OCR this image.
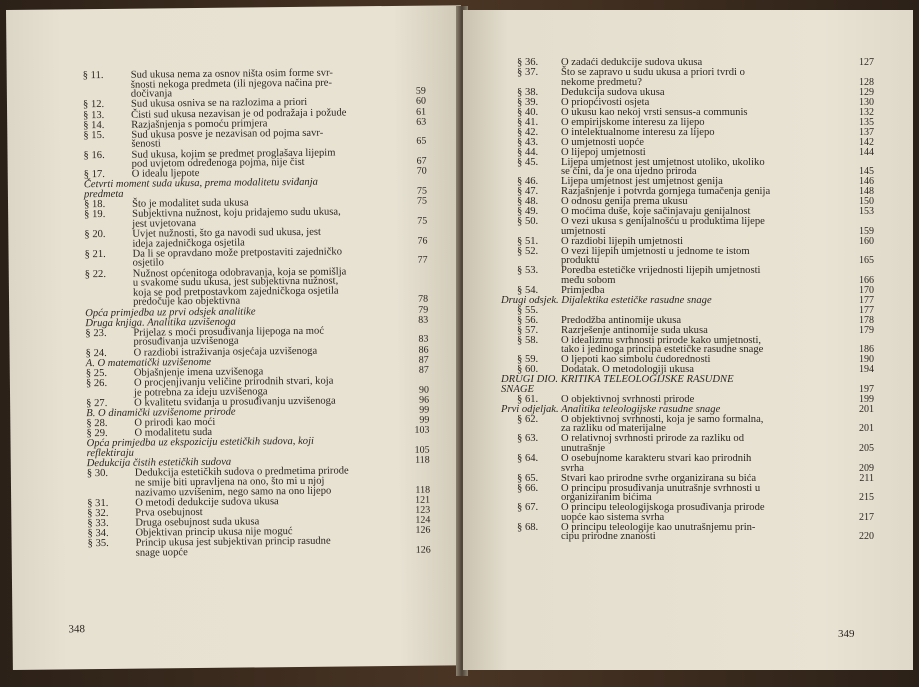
§ 11.	Sud ukusa nema za osnov ništa osim forme svr-
šnosti nekoga predmeta (ili njegova načina pre-
dočivanja	59
§ 12.	Sud ukusa osniva se na razlozima a priori	60
§ 13.	Čisti sud ukusa nezavisan je od podražaja i požude	61
§ 14.	Razjašnjenja s pomoću primjera	63
§ 15.	Sud ukusa posve je nezavisan od pojma savr-
šenosti	65
§ 16.	Sud ukusa, kojim se predmet proglašava lijepim
pod uvjetom određenoga pojma, nije čist	67
§ 17.	O idealu ljepote	70
Četvrti moment suda ukusa, prema modalitetu sviđanja
predmeta	75
§ 18.	Što je modalitet suda ukusa	75
§ 19.	Subjektivna nužnost, koju pridajemo sudu ukusa,
jest uvjetovana	75
§ 20.	Uvjet nužnosti, što ga navodi sud ukusa, jest
ideja zajedničkoga osjetila	76
§ 21.	Da li se opravdano može pretpostaviti zajedničko
osjetilo	77
§ 22.	Nužnost općenitoga odobravanja, koja se pomišlja
u svakome sudu ukusa, jest subjektivna nužnost,
koja se pod pretpostavkom zajedničkoga osjetila
predočuje kao objektivna	78
Opća primjedba uz prvi odsjek analitike	79
Druga knjiga. Analitika uzvišenoga	83
§ 23.	Prijelaz s moći prosuđivanja lijepoga na moć
prosuđivanja uzvišenoga	83
§ 24.	O razdiobi istraživanja osjećaja uzvišenoga	86
A. O matematički uzvišenome	87
§ 25.	Objašnjenje imena uzvišenoga	87
§ 26.	O procjenjivanju veličine prirodnih stvari, koja
je potrebna za ideju uzvišenoga	90
§ 27.	O kvalitetu sviđanja u prosuđivanju uzvišenoga	96
B. O dinamički uzvišenome prirode	99
§ 28.	O prirodi kao moći	99
§ 29.	O modalitetu suda	103
Opća primjedba uz ekspoziciju estetičkih sudova, koji
reflektiraju	105
Dedukcija čistih estetičkih sudova	118
§ 30.	Dedukcija estetičkih sudova o predmetima prirode
ne smije biti upravljena na ono, što mi u njoj
nazivamo uzvišenim, nego samo na ono lijepo	118
§ 31.	O metodi dedukcije sudova ukusa	121
§ 32.	Prva osebujnost	123
§ 33.	Druga osebujnost suda ukusa	124
§ 34.	Objektivan princip ukusa nije moguć	126
§ 35.	Princip ukusa jest subjektivan princip rasudne
snage uopće	126
348
§ 36. O zadaći dedukcije sudova ukusa	127
§ 37. Što se zapravo u sudu ukusa a priori tvrdi o
nekome predmetu?	128
§ 38. Dedukcija sudova ukusa	129
§ 39. O priopćivosti osjeta	130
§ 40. O ukusu kao nekoj vrsti sensus-a communis	132
§ 41. O empirijskome interesu za lijepo	135
§ 42. O intelektualnome interesu za lijepo	137
§ 43. O umjetnosti uopće	142
§ 44. O lijepoj umjetnosti	144
§ 45. Lijepa umjetnost jest umjetnost utoliko, ukoliko
se čini, da je ona ujedno priroda	145
§ 46. Lijepa umjetnost jest umjetnost genija	146
§ 47. Razjašnjenje i potvrda gornjega tumačenja genija	148
§ 48. O odnosu genija prema ukusu	150
§ 49. O moćima duše, koje sačinjavaju genijalnost	153
§ 50. O vezi ukusa s genijalnošću u produktima lijepe
umjetnosti	159
§ 51. O razdiobi lijepih umjetnosti	160
§ 52. O vezi lijepih umjetnosti u jednome te istom
produktu	165
§ 53. Poredba estetičke vrijednosti lijepih umjetnosti
među sobom	166
§ 54. Primjedba	170
Drugi odsjek. Dijalektika estetičke rasudne snage	177
§ 55.	177
§ 56. Predodžba antinomije ukusa	178
§ 57. Razrješenje antinomije suda ukusa	179
§ 58. O idealizmu svrhnosti prirode kako umjetnosti,
tako i jedinoga principa estetičke rasudne snage	186
§ 59. O ljepoti kao simbolu ćudorednosti	190
§ 60. Dodatak. O metodologiji ukusa	194
DRUGI DIO. KRITIKA TELEOLOGIJSKE RASUDNE
SNAGE	197
§ 61. O objektivnoj svrhnosti prirode	199
Prvi odjeljak. Analitika teleologijske rasudne snage	201
§ 62. O objektivnoj svrhnosti, koja je samo formalna,
za razliku od materijalne	201
§ 63. O relativnoj svrhnosti prirode za razliku od
unutrašnje	205
§ 64. O osebujnome karakteru stvari kao prirodnih
svrha	209
§ 65. Stvari kao prirodne svrhe organizirana su bića	211
§ 66. O principu prosuđivanja unutrašnje svrhnosti u
organiziranim bićima	215
§ 67. O principu teleologijskoga prosuđivanja prirode
uopće kao sistema svrha	217
§ 68. O principu teleologije kao unutrašnjemu prin-
cipu prirodne znanosti	220
349
